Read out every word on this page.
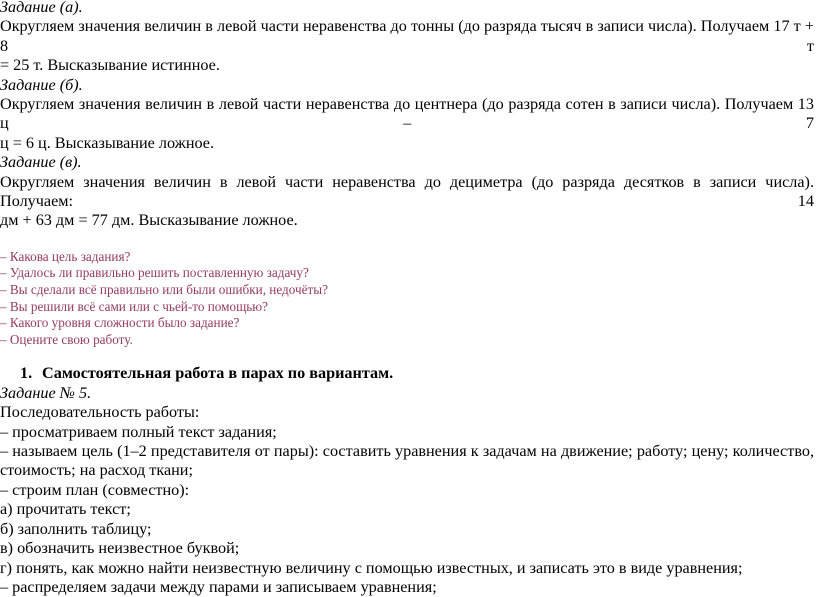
Задание (а).
Округляем значения величин в левой части неравенства до тонны (до разряда тысяч в записи числа). Получаем 17 т + 8 т
= 25 т. Высказывание истинное.
Задание (б).
Округляем значения величин в левой части неравенства до центнера (до разряда сотен в записи числа). Получаем 13 ц – 7
ц = 6 ц. Высказывание ложное.
Задание (в).
Округляем значения величин в левой части неравенства до дециметра (до разряда десятков в записи числа). Получаем: 14
дм + 63 дм = 77 дм. Высказывание ложное.
– Какова цель задания?
– Удалось ли правильно решить поставленную задачу?
– Вы сделали всё правильно или были ошибки, недочёты?
– Вы решили всё сами или с чьей-то помощью?
– Какого уровня сложности было задание?
– Оцените свою работу.
1. Самостоятельная работа в парах по вариантам.
Задание № 5.
Последовательность работы:
– просматриваем полный текст задания;
– называем цель (1–2 представителя от пары): составить уравнения к задачам на движение; работу; цену; количество,
стоимость; на расход ткани;
– строим план (совместно):
а) прочитать текст;
б) заполнить таблицу;
в) обозначить неизвестное буквой;
г) понять, как можно найти неизвестную величину с помощью известных, и записать это в виде уравнения;
– распределяем задачи между парами и записываем уравнения;
